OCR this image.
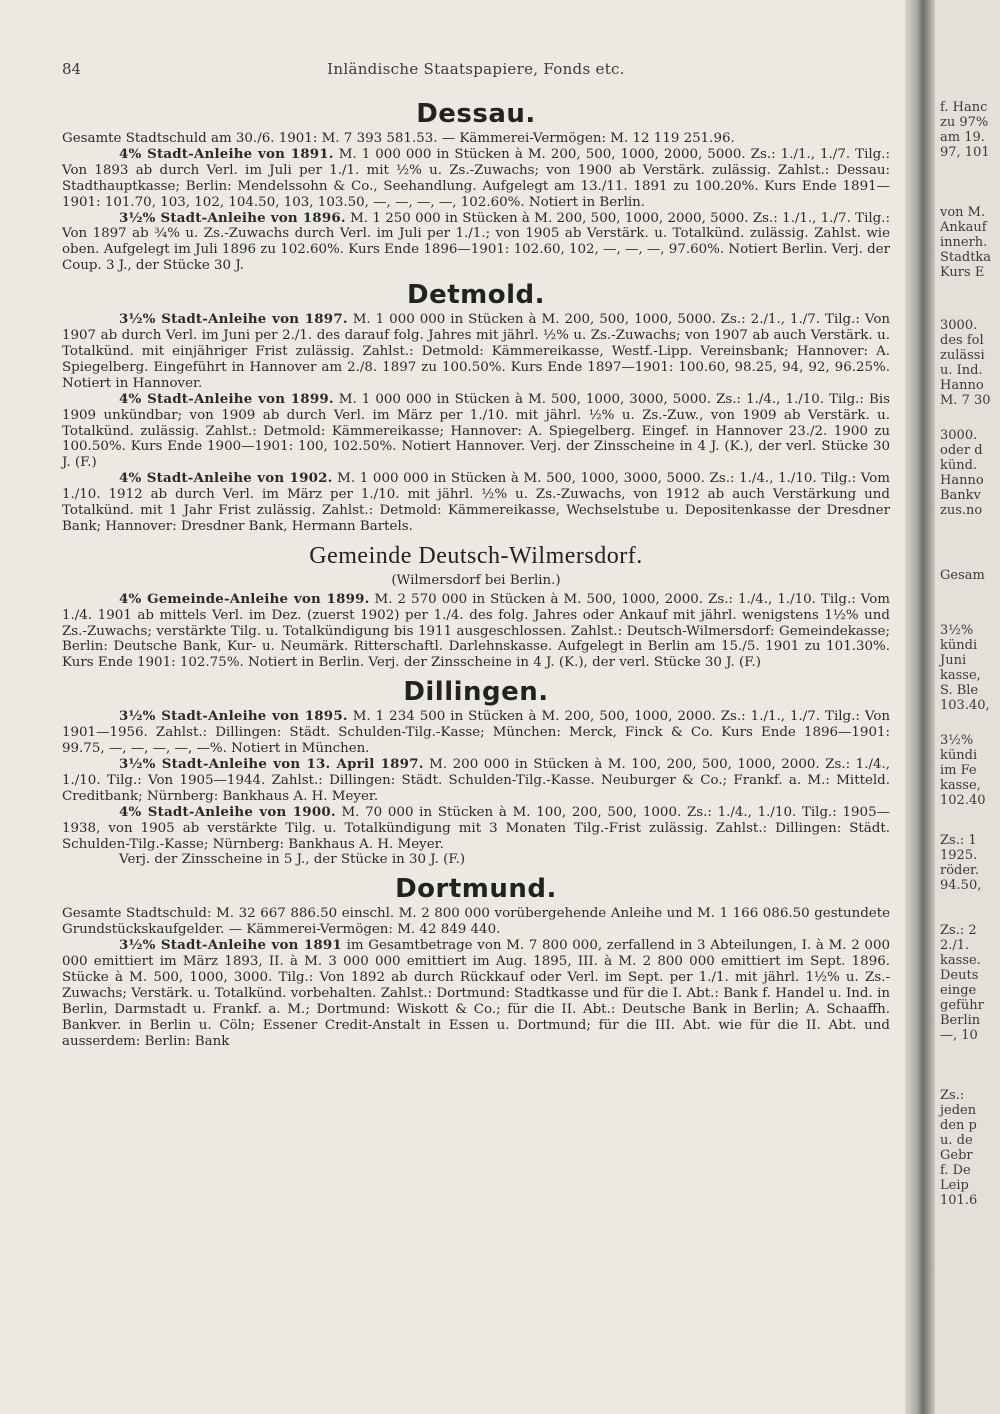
84	Inländische Staatspapiere, Fonds etc.
Dessau.

Gesamte Stadtschuld am 30./6. 1901: M. 7 393 581.53. — Kämmerei-Vermögen: M. 12 119 251.96.

4% Stadt-Anleihe von 1891. M. 1 000 000 in Stücken à M. 200, 500, 1000, 2000, 5000. Zs.: 1./1., 1./7. Tilg.: Von 1893 ab durch Verl. im Juli per 1./1. mit ½% u. Zs.-Zuwachs; von 1900 ab Verstärk. zulässig. Zahlst.: Dessau: Stadthauptkasse; Berlin: Mendelssohn & Co., Seehandlung. Aufgelegt am 13./11. 1891 zu 100.20%. Kurs Ende 1891—1901: 101.70, 103, 102, 104.50, 103, 103.50, —, —, —, —, 102.60%. Notiert in Berlin.

3½% Stadt-Anleihe von 1896. M. 1 250 000 in Stücken à M. 200, 500, 1000, 2000, 5000. Zs.: 1./1., 1./7. Tilg.: Von 1897 ab ¾% u. Zs.-Zuwachs durch Verl. im Juli per 1./1.; von 1905 ab Verstärk. u. Totalkünd. zulässig. Zahlst. wie oben. Aufgelegt im Juli 1896 zu 102.60%. Kurs Ende 1896—1901: 102.60, 102, —, —, —, 97.60%. Notiert Berlin. Verj. der Coup. 3 J., der Stücke 30 J.

Detmold.

3½% Stadt-Anleihe von 1897. M. 1 000 000 in Stücken à M. 200, 500, 1000, 5000. Zs.: 2./1., 1./7. Tilg.: Von 1907 ab durch Verl. im Juni per 2./1. des darauf folg. Jahres mit jährl. ½% u. Zs.-Zuwachs; von 1907 ab auch Verstärk. u. Totalkünd. mit einjähriger Frist zulässig. Zahlst.: Detmold: Kämmereikasse, Westf.-Lipp. Vereinsbank; Hannover: A. Spiegelberg. Eingeführt in Hannover am 2./8. 1897 zu 100.50%. Kurs Ende 1897—1901: 100.60, 98.25, 94, 92, 96.25%. Notiert in Hannover.

4% Stadt-Anleihe von 1899. M. 1 000 000 in Stücken à M. 500, 1000, 3000, 5000. Zs.: 1./4., 1./10. Tilg.: Bis 1909 unkündbar; von 1909 ab durch Verl. im März per 1./10. mit jährl. ½% u. Zs.-Zuw., von 1909 ab Verstärk. u. Totalkünd. zulässig. Zahlst.: Detmold: Kämmereikasse; Hannover: A. Spiegelberg. Eingef. in Hannover 23./2. 1900 zu 100.50%. Kurs Ende 1900—1901: 100, 102.50%. Notiert Hannover. Verj. der Zinsscheine in 4 J. (K.), der verl. Stücke 30 J. (F.)

4% Stadt-Anleihe von 1902. M. 1 000 000 in Stücken à M. 500, 1000, 3000, 5000. Zs.: 1./4., 1./10. Tilg.: Vom 1./10. 1912 ab durch Verl. im März per 1./10. mit jährl. ½% u. Zs.-Zuwachs, von 1912 ab auch Verstärkung und Totalkünd. mit 1 Jahr Frist zulässig. Zahlst.: Detmold: Kämmereikasse, Wechselstube u. Depositenkasse der Dresdner Bank; Hannover: Dresdner Bank, Hermann Bartels.

Gemeinde Deutsch-Wilmersdorf.
(Wilmersdorf bei Berlin.)

4% Gemeinde-Anleihe von 1899. M. 2 570 000 in Stücken à M. 500, 1000, 2000. Zs.: 1./4., 1./10. Tilg.: Vom 1./4. 1901 ab mittels Verl. im Dez. (zuerst 1902) per 1./4. des folg. Jahres oder Ankauf mit jährl. wenigstens 1½% und Zs.-Zuwachs; verstärkte Tilg. u. Totalkündigung bis 1911 ausgeschlossen. Zahlst.: Deutsch-Wilmersdorf: Gemeindekasse; Berlin: Deutsche Bank, Kur- u. Neumärk. Ritterschaftl. Darlehnskasse. Aufgelegt in Berlin am 15./5. 1901 zu 101.30%. Kurs Ende 1901: 102.75%. Notiert in Berlin. Verj. der Zinsscheine in 4 J. (K.), der verl. Stücke 30 J. (F.)

Dillingen.

3½% Stadt-Anleihe von 1895. M. 1 234 500 in Stücken à M. 200, 500, 1000, 2000. Zs.: 1./1., 1./7. Tilg.: Von 1901—1956. Zahlst.: Dillingen: Städt. Schulden-Tilg.-Kasse; München: Merck, Finck & Co. Kurs Ende 1896—1901: 99.75, —, —, —, —, —%. Notiert in München.

3½% Stadt-Anleihe von 13. April 1897. M. 200 000 in Stücken à M. 100, 200, 500, 1000, 2000. Zs.: 1./4., 1./10. Tilg.: Von 1905—1944. Zahlst.: Dillingen: Städt. Schulden-Tilg.-Kasse. Neuburger & Co.; Frankf. a. M.: Mitteld. Creditbank; Nürnberg: Bankhaus A. H. Meyer.

4% Stadt-Anleihe von 1900. M. 70 000 in Stücken à M. 100, 200, 500, 1000. Zs.: 1./4., 1./10. Tilg.: 1905—1938, von 1905 ab verstärkte Tilg. u. Totalkündigung mit 3 Monaten Tilg.-Frist zulässig. Zahlst.: Dillingen: Städt. Schulden-Tilg.-Kasse; Nürnberg: Bankhaus A. H. Meyer.

Verj. der Zinsscheine in 5 J., der Stücke in 30 J. (F.)

Dortmund.

Gesamte Stadtschuld: M. 32 667 886.50 einschl. M. 2 800 000 vorübergehende Anleihe und M. 1 166 086.50 gestundete Grundstückskaufgelder. — Kämmerei-Vermögen: M. 42 849 440.

3½% Stadt-Anleihe von 1891 im Gesamtbetrage von M. 7 800 000, zerfallend in 3 Abteilungen, I. à M. 2 000 000 emittiert im März 1893, II. à M. 3 000 000 emittiert im Aug. 1895, III. à M. 2 800 000 emittiert im Sept. 1896. Stücke à M. 500, 1000, 3000. Tilg.: Von 1892 ab durch Rückkauf oder Verl. im Sept. per 1./1. mit jährl. 1½% u. Zs.-Zuwachs; Verstärk. u. Totalkünd. vorbehalten. Zahlst.: Dortmund: Stadtkasse und für die I. Abt.: Bank f. Handel u. Ind. in Berlin, Darmstadt u. Frankf. a. M.; Dortmund: Wiskott & Co.; für die II. Abt.: Deutsche Bank in Berlin; A. Schaaffh. Bankver. in Berlin u. Cöln; Essener Credit-Anstalt in Essen u. Dortmund; für die III. Abt. wie für die II. Abt. und ausserdem: Berlin: Bank

f. Hanc
zu 97%
am 19.
97, 101
von M.
Ankauf
innerh.
Stadtka
Kurs E
3000.
des fol
zulässi
u. Ind.
Hanno
M. 7 30
3000.
oder d
künd.
Hanno
Bankv
zus.no
Gesam
3½%
kündi
Juni
kasse,
S. Ble
103.40,
3½%
kündi
im Fe
kasse,
102.40
Zs.: 1
1925.
röder.
94.50,
Zs.: 2
2./1.
kasse.
Deuts
einge
geführ
Berlin
—, 10
Zs.:
jeden
den p
u. de
Gebr
f. De
Leip
101.6
